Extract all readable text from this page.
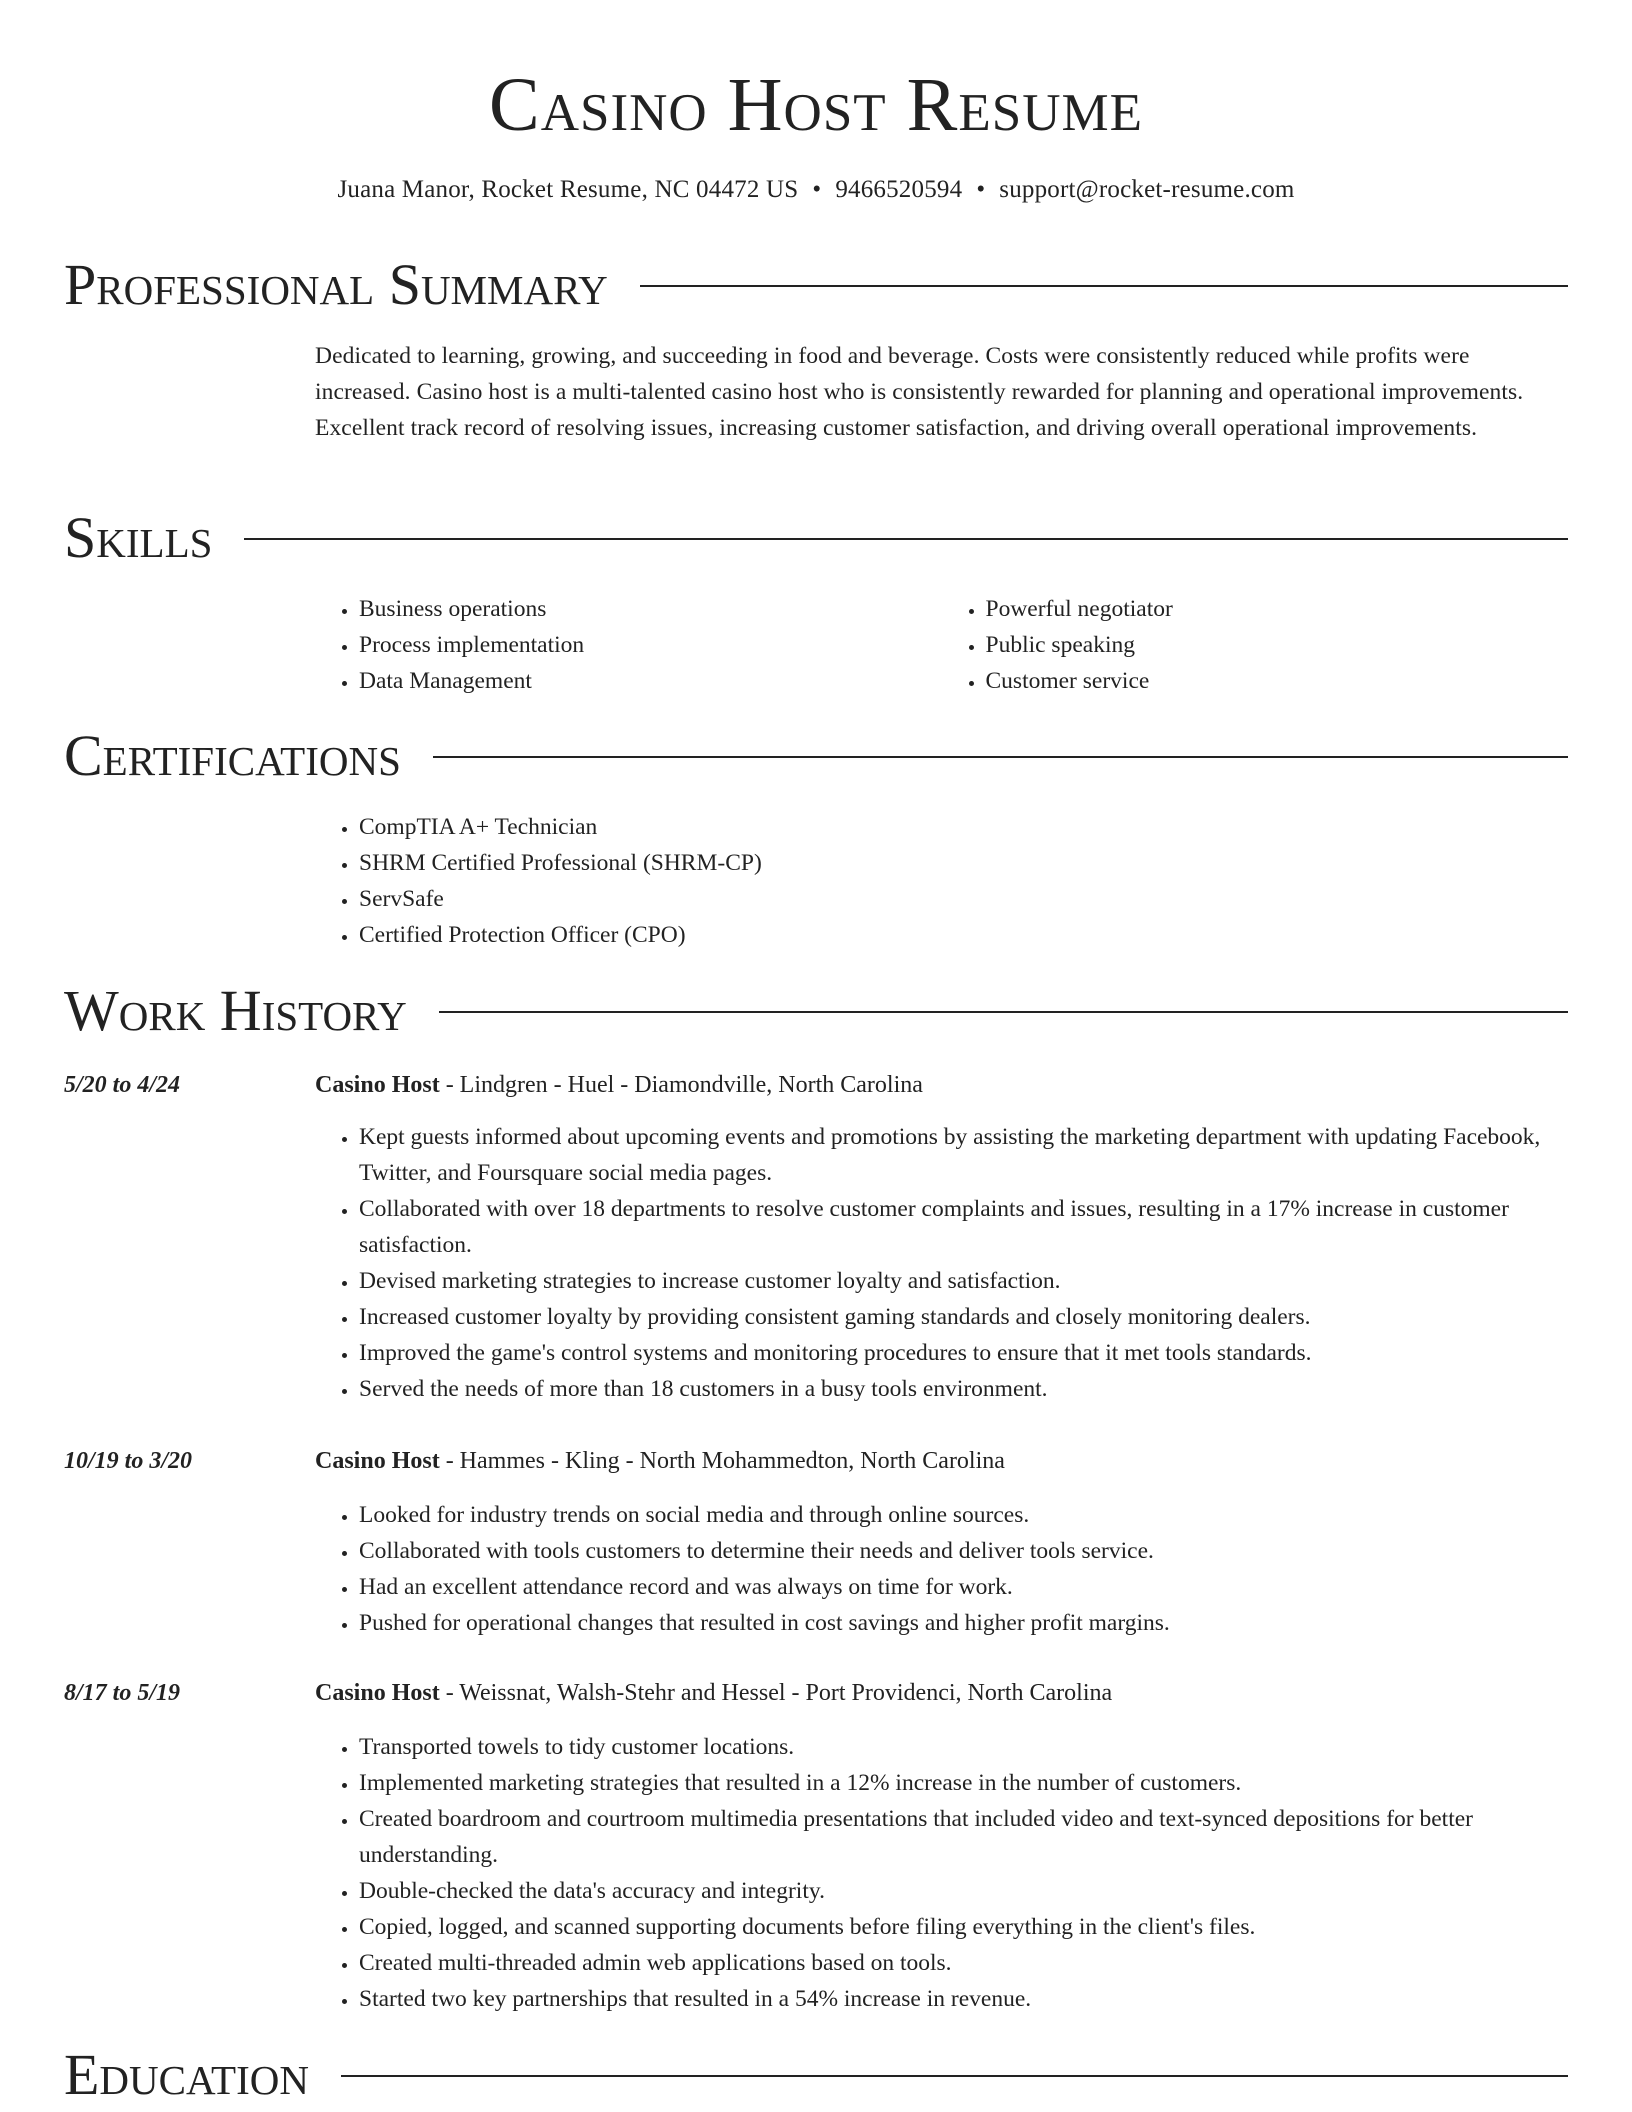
Casino Host Resume
Juana Manor, Rocket Resume, NC 04472 US • 9466520594 • support@rocket-resume.com
Professional Summary
Dedicated to learning, growing, and succeeding in food and beverage. Costs were consistently reduced while profits were increased. Casino host is a multi-talented casino host who is consistently rewarded for planning and operational improvements. Excellent track record of resolving issues, increasing customer satisfaction, and driving overall operational improvements.
Skills
• Business operations
• Process implementation
• Data Management
• Powerful negotiator
• Public speaking
• Customer service
Certifications
• CompTIA A+ Technician
• SHRM Certified Professional (SHRM-CP)
• ServSafe
• Certified Protection Officer (CPO)
Work History
5/20 to 4/24	Casino Host - Lindgren - Huel - Diamondville, North Carolina
• Kept guests informed about upcoming events and promotions by assisting the marketing department with updating Facebook, Twitter, and Foursquare social media pages.
• Collaborated with over 18 departments to resolve customer complaints and issues, resulting in a 17% increase in customer satisfaction.
• Devised marketing strategies to increase customer loyalty and satisfaction.
• Increased customer loyalty by providing consistent gaming standards and closely monitoring dealers.
• Improved the game's control systems and monitoring procedures to ensure that it met tools standards.
• Served the needs of more than 18 customers in a busy tools environment.
10/19 to 3/20	Casino Host - Hammes - Kling - North Mohammedton, North Carolina
• Looked for industry trends on social media and through online sources.
• Collaborated with tools customers to determine their needs and deliver tools service.
• Had an excellent attendance record and was always on time for work.
• Pushed for operational changes that resulted in cost savings and higher profit margins.
8/17 to 5/19	Casino Host - Weissnat, Walsh-Stehr and Hessel - Port Providenci, North Carolina
• Transported towels to tidy customer locations.
• Implemented marketing strategies that resulted in a 12% increase in the number of customers.
• Created boardroom and courtroom multimedia presentations that included video and text-synced depositions for better understanding.
• Double-checked the data's accuracy and integrity.
• Copied, logged, and scanned supporting documents before filing everything in the client's files.
• Created multi-threaded admin web applications based on tools.
• Started two key partnerships that resulted in a 54% increase in revenue.
Education
